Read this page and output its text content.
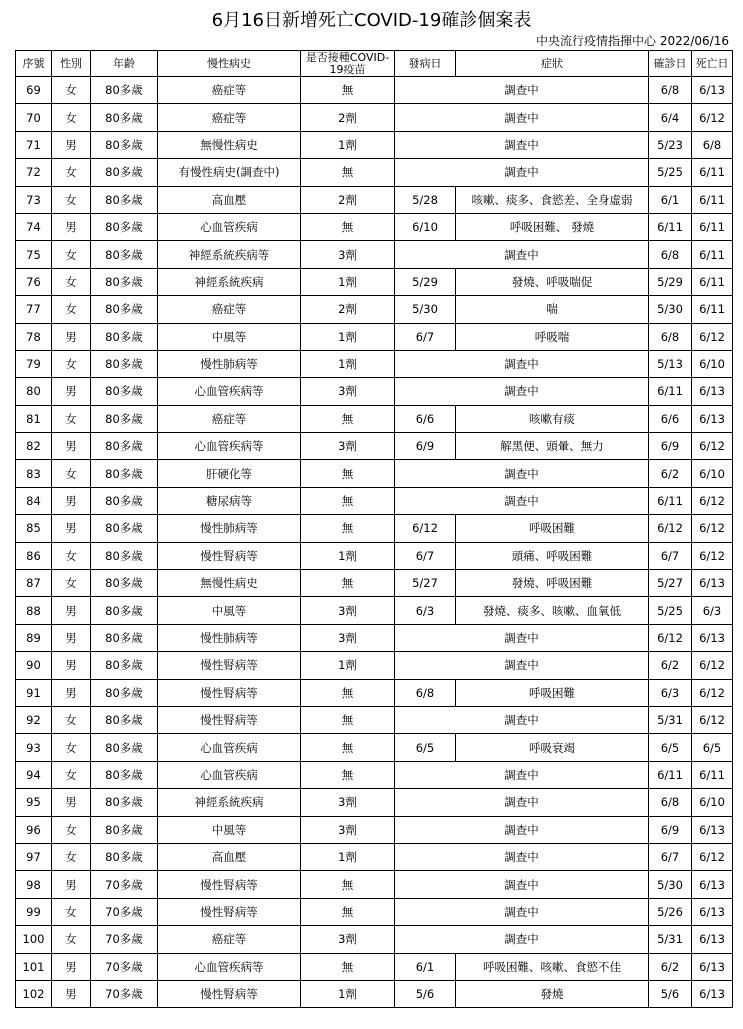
6月16日新增死亡COVID-19確診個案表
中央流行疫情指揮中心 2022/06/16
序號	性別	年齡	慢性病史	是否接種COVID-19疫苗	發病日	症狀	確診日	死亡日
69	女	80多歲	癌症等	無	調查中		6/8	6/13
70	女	80多歲	癌症等	2劑	調查中		6/4	6/12
71	男	80多歲	無慢性病史	1劑	調查中		5/23	6/8
72	女	80多歲	有慢性病史(調查中)	無	調查中		5/25	6/11
73	女	80多歲	高血壓	2劑	5/28	咳嗽、痰多、食慾差、全身虛弱	6/1	6/11
74	男	80多歲	心血管疾病	無	6/10	呼吸困難、 發燒	6/11	6/11
75	女	80多歲	神經系統疾病等	3劑	調查中		6/8	6/11
76	女	80多歲	神經系統疾病	1劑	5/29	發燒、呼吸喘促	5/29	6/11
77	女	80多歲	癌症等	2劑	5/30	喘	5/30	6/11
78	男	80多歲	中風等	1劑	6/7	呼吸喘	6/8	6/12
79	女	80多歲	慢性肺病等	1劑	調查中		5/13	6/10
80	男	80多歲	心血管疾病等	3劑	調查中		6/11	6/13
81	女	80多歲	癌症等	無	6/6	咳嗽有痰	6/6	6/13
82	男	80多歲	心血管疾病等	3劑	6/9	解黑便、頭暈、無力	6/9	6/12
83	女	80多歲	肝硬化等	無	調查中		6/2	6/10
84	男	80多歲	糖尿病等	無	調查中		6/11	6/12
85	男	80多歲	慢性肺病等	無	6/12	呼吸困難	6/12	6/12
86	女	80多歲	慢性腎病等	1劑	6/7	頭痛、呼吸困難	6/7	6/12
87	女	80多歲	無慢性病史	無	5/27	發燒、呼吸困難	5/27	6/13
88	男	80多歲	中風等	3劑	6/3	發燒、痰多、咳嗽、血氧低	5/25	6/3
89	男	80多歲	慢性肺病等	3劑	調查中		6/12	6/13
90	男	80多歲	慢性腎病等	1劑	調查中		6/2	6/12
91	男	80多歲	慢性腎病等	無	6/8	呼吸困難	6/3	6/12
92	女	80多歲	慢性腎病等	無	調查中		5/31	6/12
93	女	80多歲	心血管疾病	無	6/5	呼吸衰竭	6/5	6/5
94	女	80多歲	心血管疾病	無	調查中		6/11	6/11
95	男	80多歲	神經系統疾病	3劑	調查中		6/8	6/10
96	女	80多歲	中風等	3劑	調查中		6/9	6/13
97	女	80多歲	高血壓	1劑	調查中		6/7	6/12
98	男	70多歲	慢性腎病等	無	調查中		5/30	6/13
99	女	70多歲	慢性腎病等	無	調查中		5/26	6/13
100	女	70多歲	癌症等	3劑	調查中		5/31	6/13
101	男	70多歲	心血管疾病等	無	6/1	呼吸困難、咳嗽、食慾不佳	6/2	6/13
102	男	70多歲	慢性腎病等	1劑	5/6	發燒	5/6	6/13
